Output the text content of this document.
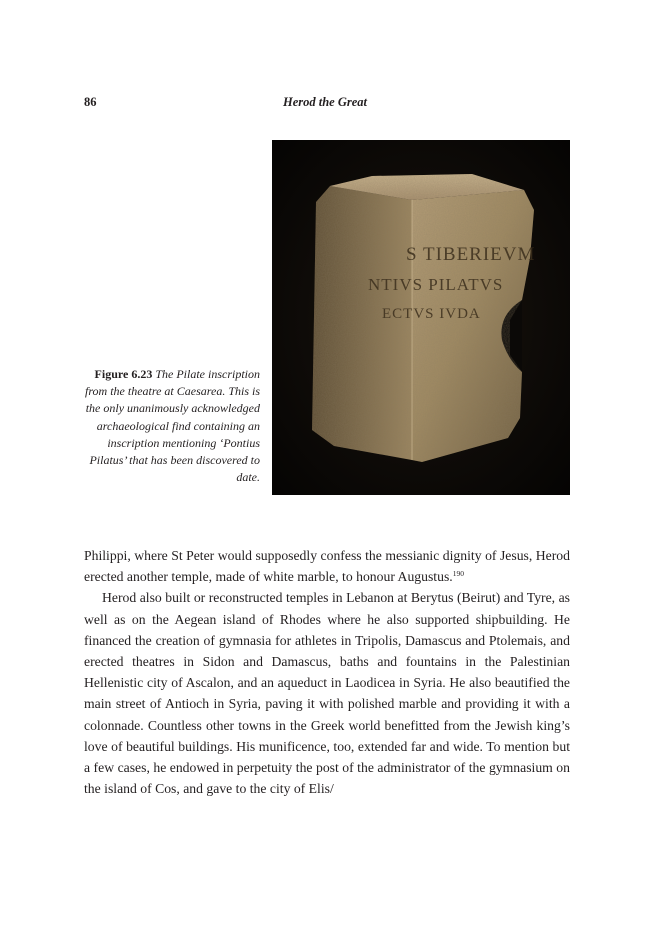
86	Herod the Great
S TIBERIEVM
NTIVS PILATVS
ECTVS IVDA
Figure 6.23 The Pilate inscription from the theatre at Caesarea. This is the only unanimously acknowledged archaeological find containing an inscription mentioning ‘Pontius Pilatus’ that has been discovered to date.

Philippi, where St Peter would supposedly confess the messianic dignity of Jesus, Herod erected another temple, made of white marble, to honour Augustus.$^{190}$

Herod also built or reconstructed temples in Lebanon at Berytus (Beirut) and Tyre, as well as on the Aegean island of Rhodes where he also supported shipbuilding. He financed the creation of gymnasia for athletes in Tripolis, Damascus and Ptolemais, and erected theatres in Sidon and Damascus, baths and fountains in the Palestinian Hellenistic city of Ascalon, and an aqueduct in Laodicea in Syria. He also beautified the main street of Antioch in Syria, paving it with polished marble and providing it with a colonnade. Countless other towns in the Greek world benefitted from the Jewish king’s love of beautiful buildings. His munificence, too, extended far and wide. To mention but a few cases, he endowed in perpetuity the post of the administrator of the gymnasium on the island of Cos, and gave to the city of Elis/
